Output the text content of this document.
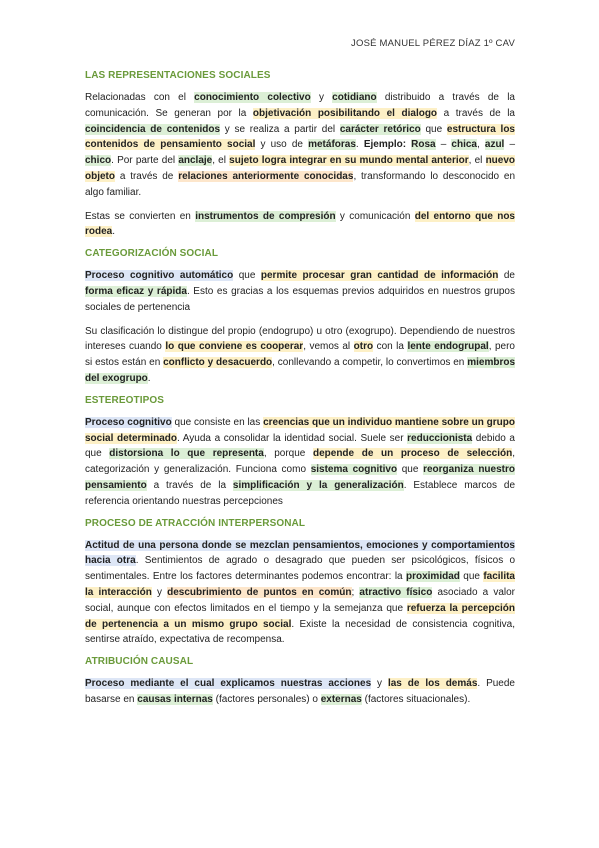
JOSÉ MANUEL PÉREZ DÍAZ 1º CAV
LAS REPRESENTACIONES SOCIALES

Relacionadas con el conocimiento colectivo y cotidiano distribuido a través de la comunicación. Se generan por la objetivación posibilitando el dialogo a través de la coincidencia de contenidos y se realiza a partir del carácter retórico que estructura los contenidos de pensamiento social y uso de metáforas. Ejemplo: Rosa – chica, azul – chico. Por parte del anclaje, el sujeto logra integrar en su mundo mental anterior, el nuevo objeto a través de relaciones anteriormente conocidas, transformando lo desconocido en algo familiar.

Estas se convierten en instrumentos de compresión y comunicación del entorno que nos rodea.

CATEGORIZACIÓN SOCIAL

Proceso cognitivo automático que permite procesar gran cantidad de información de forma eficaz y rápida. Esto es gracias a los esquemas previos adquiridos en nuestros grupos sociales de pertenencia

Su clasificación lo distingue del propio (endogrupo) u otro (exogrupo). Dependiendo de nuestros intereses cuando lo que conviene es cooperar, vemos al otro con la lente endogrupal, pero si estos están en conflicto y desacuerdo, conllevando a competir, lo convertimos en miembros del exogrupo.

ESTEREOTIPOS

Proceso cognitivo que consiste en las creencias que un individuo mantiene sobre un grupo social determinado. Ayuda a consolidar la identidad social. Suele ser reduccionista debido a que distorsiona lo que representa, porque depende de un proceso de selección, categorización y generalización. Funciona como sistema cognitivo que reorganiza nuestro pensamiento a través de la simplificación y la generalización. Establece marcos de referencia orientando nuestras percepciones

PROCESO DE ATRACCIÓN INTERPERSONAL

Actitud de una persona donde se mezclan pensamientos, emociones y comportamientos hacia otra. Sentimientos de agrado o desagrado que pueden ser psicológicos, físicos o sentimentales. Entre los factores determinantes podemos encontrar: la proximidad que facilita la interacción y descubrimiento de puntos en común; atractivo físico asociado a valor social, aunque con efectos limitados en el tiempo y la semejanza que refuerza la percepción de pertenencia a un mismo grupo social. Existe la necesidad de consistencia cognitiva, sentirse atraído, expectativa de recompensa.

ATRIBUCIÓN CAUSAL

Proceso mediante el cual explicamos nuestras acciones y las de los demás. Puede basarse en causas internas (factores personales) o externas (factores situacionales).
